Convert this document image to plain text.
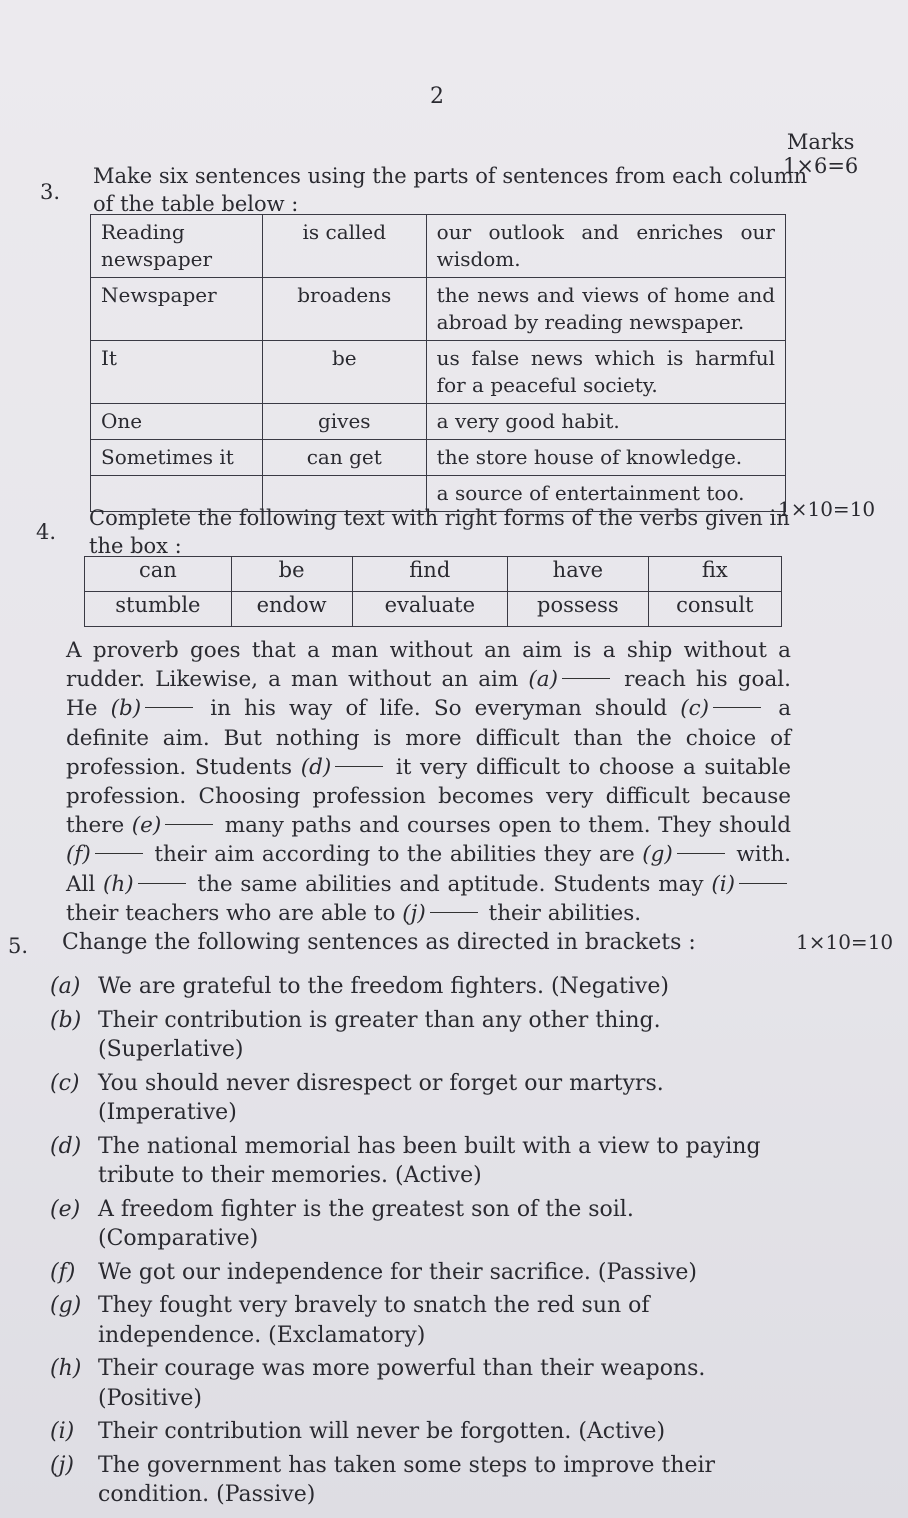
2
Marks
1×6=6
3.
Make six sentences using the parts of sentences from each column
of the table below :
Reading newspaper	is called	our outlook and enriches our wisdom.
Newspaper	broadens	the news and views of home and abroad by reading newspaper.
It	be	us false news which is harmful for a peaceful society.
One	gives	a very good habit.
Sometimes it	can get	the store house of knowledge.
		a source of entertainment too.
4.
Complete the following text with right forms of the verbs given in
the box :
1×10=10
can	be	find	have	fix
stumble	endow	evaluate	possess	consult
A proverb goes that a man without an aim is a ship without a rudder. Likewise, a man without an aim (a)	reach his goal. He (b)	in his way of life. So everyman should (c)	a definite aim. But nothing is more difficult than the choice of profession. Students (d)	it very difficult to choose a suitable profession. Choosing profession becomes very difficult because there (e)	many paths and courses open to them. They should (f)	their aim according to the abilities they are (g)	with. All (h)	the same abilities and aptitude. Students may (i) their teachers who are able to (j)	their abilities.
5. Change the following sentences as directed in brackets :	1×10=10
(a) We are grateful to the freedom fighters. (Negative)
(b) Their contribution is greater than any other thing. (Superlative)
(c) You should never disrespect or forget our martyrs. (Imperative)
(d) The national memorial has been built with a view to paying tribute to their memories. (Active)
(e) A freedom fighter is the greatest son of the soil. (Comparative)
(f) We got our independence for their sacrifice. (Passive)
(g) They fought very bravely to snatch the red sun of independence. (Exclamatory)
(h) Their courage was more powerful than their weapons. (Positive)
(i) Their contribution will never be forgotten. (Active)
(j) The government has taken some steps to improve their condition. (Passive)
